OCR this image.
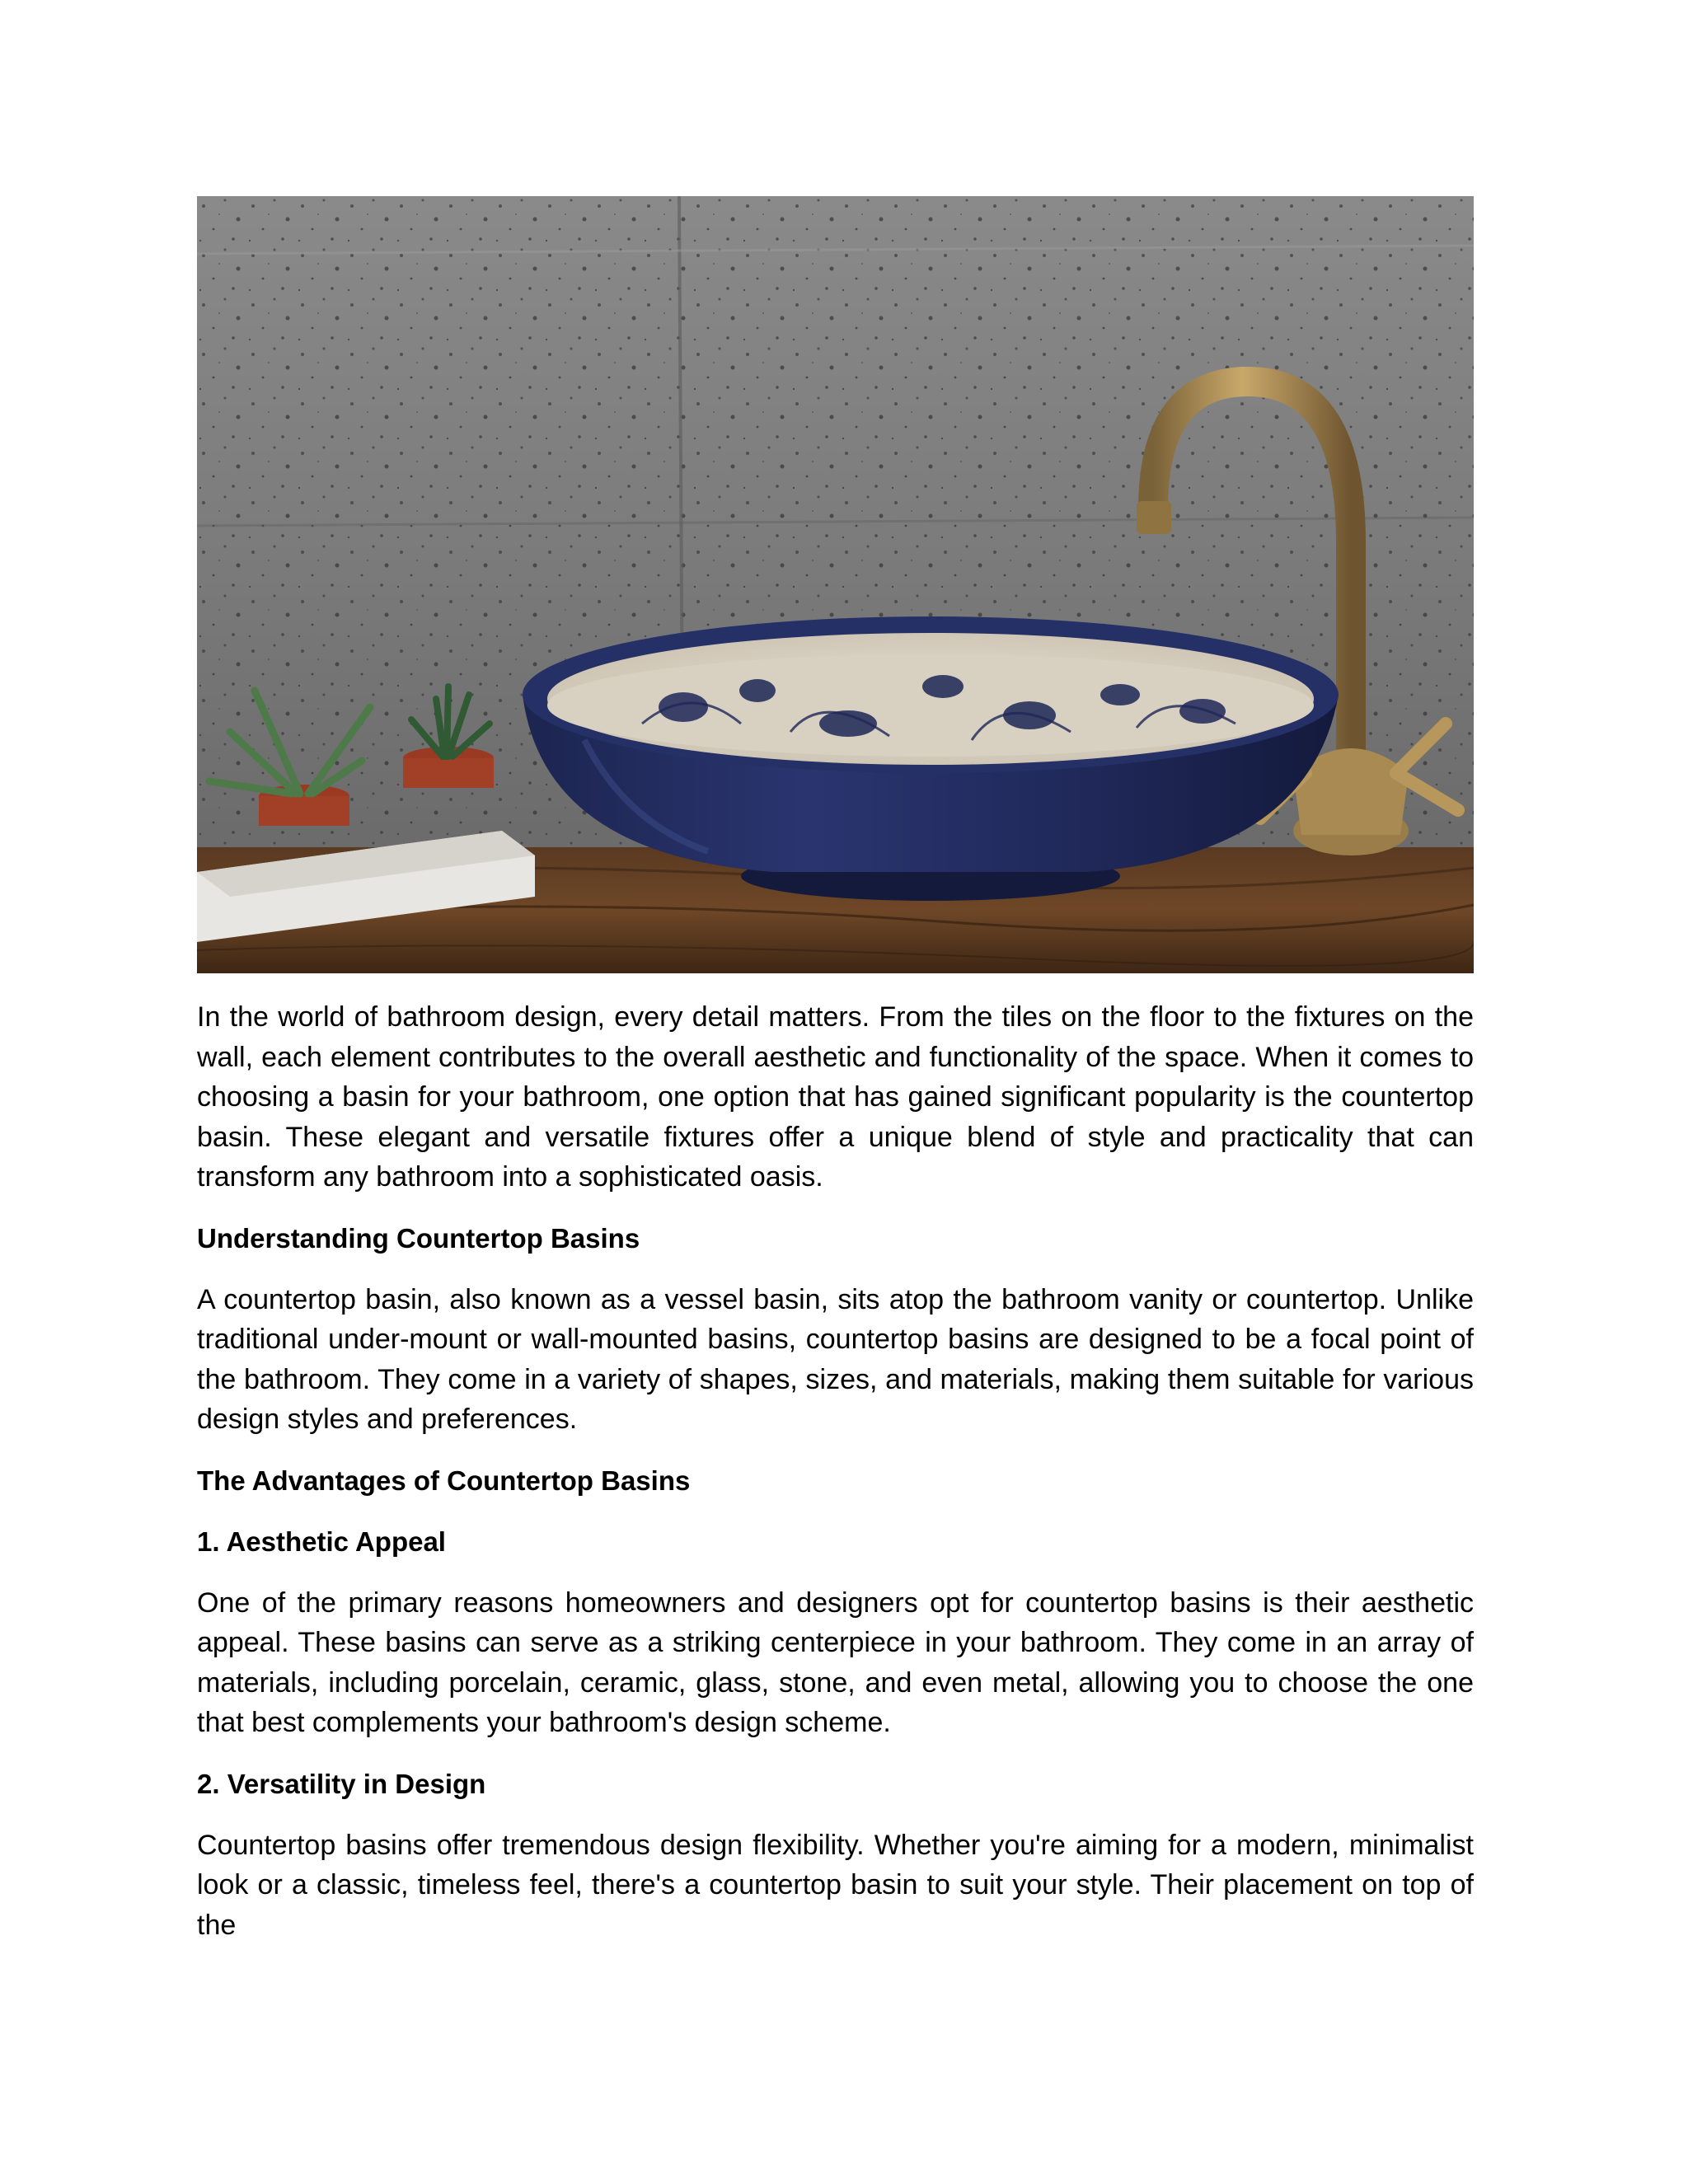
In the world of bathroom design, every detail matters. From the tiles on the floor to the fixtures on the wall, each element contributes to the overall aesthetic and functionality of the space. When it comes to choosing a basin for your bathroom, one option that has gained significant popularity is the countertop basin. These elegant and versatile fixtures offer a unique blend of style and practicality that can transform any bathroom into a sophisticated oasis.

Understanding Countertop Basins

A countertop basin, also known as a vessel basin, sits atop the bathroom vanity or countertop. Unlike traditional under-mount or wall-mounted basins, countertop basins are designed to be a focal point of the bathroom. They come in a variety of shapes, sizes, and materials, making them suitable for various design styles and preferences.

The Advantages of Countertop Basins
1. Aesthetic Appeal

One of the primary reasons homeowners and designers opt for countertop basins is their aesthetic appeal. These basins can serve as a striking centerpiece in your bathroom. They come in an array of materials, including porcelain, ceramic, glass, stone, and even metal, allowing you to choose the one that best complements your bathroom's design scheme.

2. Versatility in Design

Countertop basins offer tremendous design flexibility. Whether you're aiming for a modern, minimalist look or a classic, timeless feel, there's a countertop basin to suit your style. Their placement on top of the
